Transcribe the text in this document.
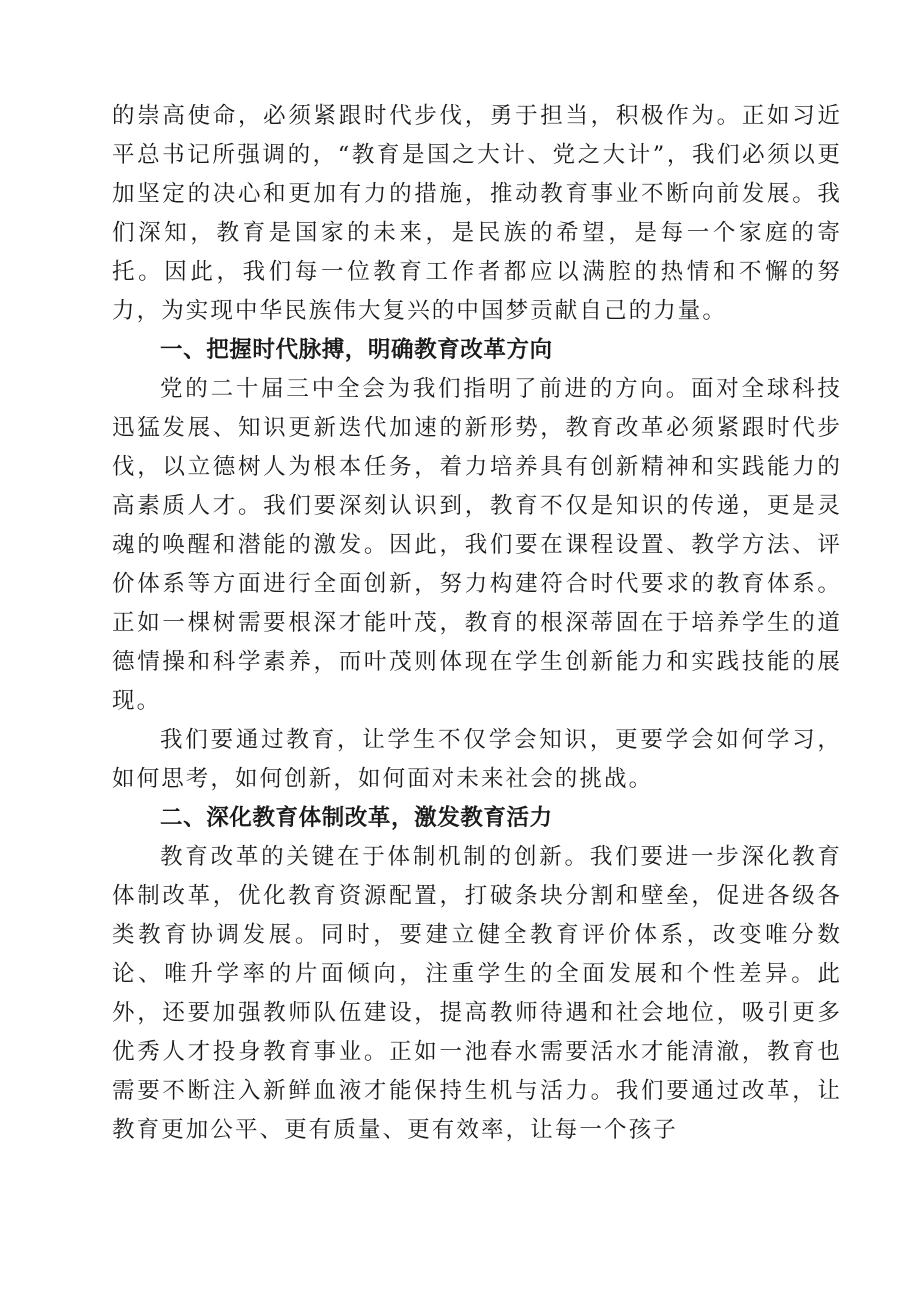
的崇高使命，必须紧跟时代步伐，勇于担当，积极作为。正如习近平总书记所强调的，“教育是国之大计、党之大计”，我们必须以更加坚定的决心和更加有力的措施，推动教育事业不断向前发展。我们深知，教育是国家的未来，是民族的希望，是每一个家庭的寄托。因此，我们每一位教育工作者都应以满腔的热情和不懈的努力，为实现中华民族伟大复兴的中国梦贡献自己的力量。

一、把握时代脉搏，明确教育改革方向

党的二十届三中全会为我们指明了前进的方向。面对全球科技迅猛发展、知识更新迭代加速的新形势，教育改革必须紧跟时代步伐，以立德树人为根本任务，着力培养具有创新精神和实践能力的高素质人才。我们要深刻认识到，教育不仅是知识的传递，更是灵魂的唤醒和潜能的激发。因此，我们要在课程设置、教学方法、评价体系等方面进行全面创新，努力构建符合时代要求的教育体系。正如一棵树需要根深才能叶茂，教育的根深蒂固在于培养学生的道德情操和科学素养，而叶茂则体现在学生创新能力和实践技能的展现。

我们要通过教育，让学生不仅学会知识，更要学会如何学习，如何思考，如何创新，如何面对未来社会的挑战。

二、深化教育体制改革，激发教育活力

教育改革的关键在于体制机制的创新。我们要进一步深化教育体制改革，优化教育资源配置，打破条块分割和壁垒，促进各级各类教育协调发展。同时，要建立健全教育评价体系，改变唯分数论、唯升学率的片面倾向，注重学生的全面发展和个性差异。此外，还要加强教师队伍建设，提高教师待遇和社会地位，吸引更多优秀人才投身教育事业。正如一池春水需要活水才能清澈，教育也需要不断注入新鲜血液才能保持生机与活力。我们要通过改革，让教育更加公平、更有质量、更有效率，让每一个孩子
